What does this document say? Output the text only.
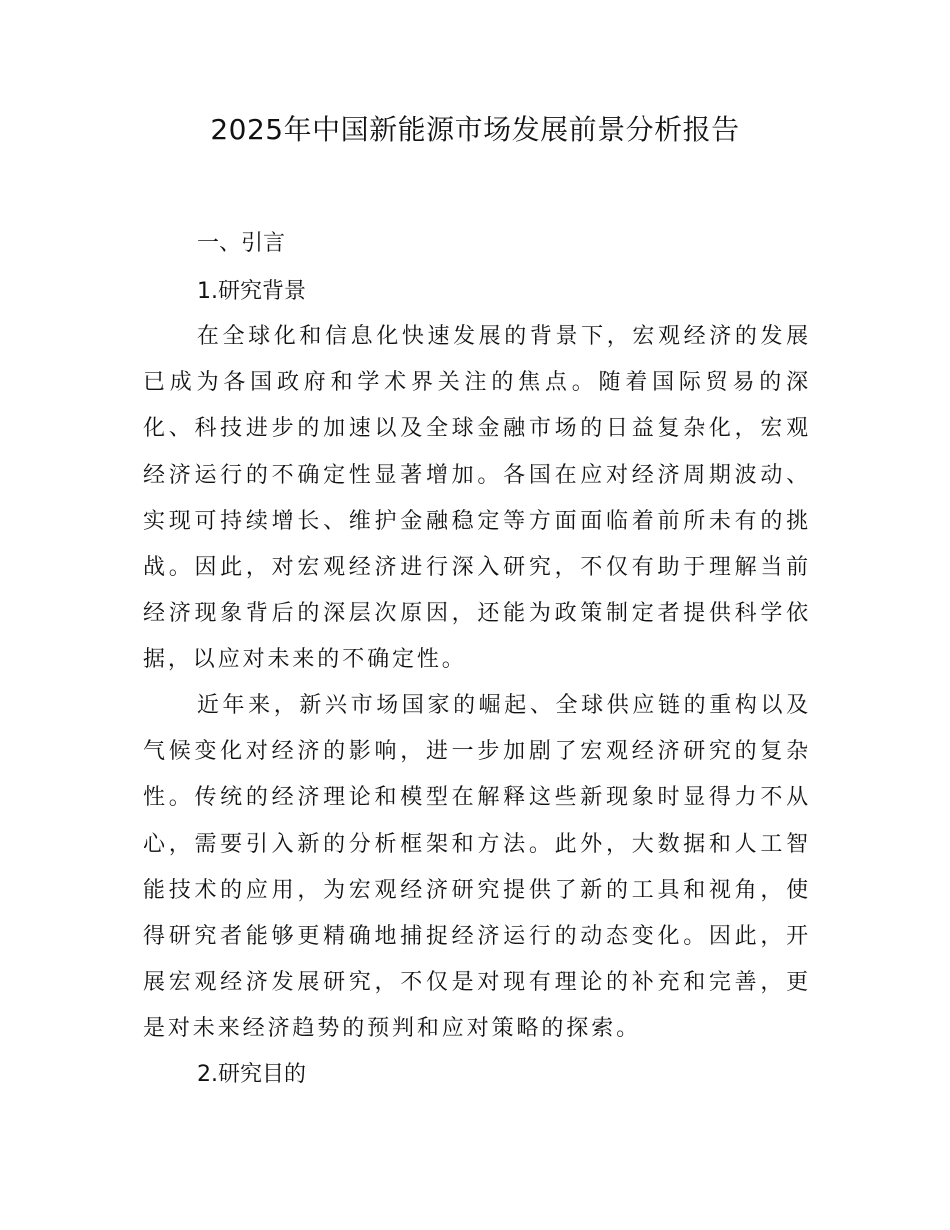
2025年中国新能源市场发展前景分析报告
一、引言
1.研究背景

在全球化和信息化快速发展的背景下，宏观经济的发展已成为各国政府和学术界关注的焦点。随着国际贸易的深化、科技进步的加速以及全球金融市场的日益复杂化，宏观经济运行的不确定性显著增加。各国在应对经济周期波动、实现可持续增长、维护金融稳定等方面面临着前所未有的挑战。因此，对宏观经济进行深入研究，不仅有助于理解当前经济现象背后的深层次原因，还能为政策制定者提供科学依据，以应对未来的不确定性。

近年来，新兴市场国家的崛起、全球供应链的重构以及气候变化对经济的影响，进一步加剧了宏观经济研究的复杂性。传统的经济理论和模型在解释这些新现象时显得力不从心，需要引入新的分析框架和方法。此外，大数据和人工智能技术的应用，为宏观经济研究提供了新的工具和视角，使得研究者能够更精确地捕捉经济运行的动态变化。因此，开展宏观经济发展研究，不仅是对现有理论的补充和完善，更是对未来经济趋势的预判和应对策略的探索。

2.研究目的
